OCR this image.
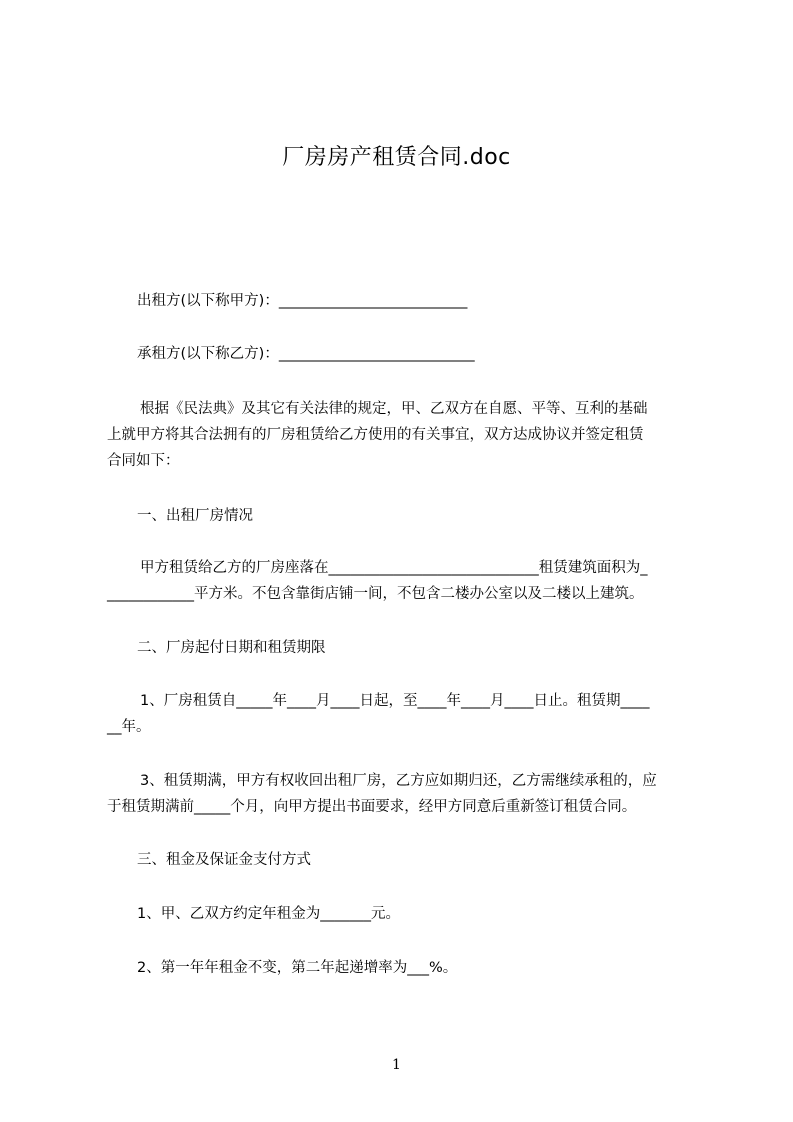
厂房房产租赁合同.doc
出租方(以下称甲方)：__________________________
承租方(以下称乙方)：___________________________
根据《民法典》及其它有关法律的规定，甲、乙双方在自愿、平等、互利的基础
上就甲方将其合法拥有的厂房租赁给乙方使用的有关事宜，双方达成协议并签定租赁
合同如下：
一、出租厂房情况
甲方租赁给乙方的厂房座落在_____________________________租赁建筑面积为_
____________平方米。不包含靠街店铺一间，不包含二楼办公室以及二楼以上建筑。
二、厂房起付日期和租赁期限
1、厂房租赁自_____年____月____日起，至____年____月____日止。租赁期____
__年。
3、租赁期满，甲方有权收回出租厂房，乙方应如期归还，乙方需继续承租的，应
于租赁期满前_____个月，向甲方提出书面要求，经甲方同意后重新签订租赁合同。
三、租金及保证金支付方式
1、甲、乙双方约定年租金为_______元。
2、第一年年租金不变，第二年起递增率为___%。
1
